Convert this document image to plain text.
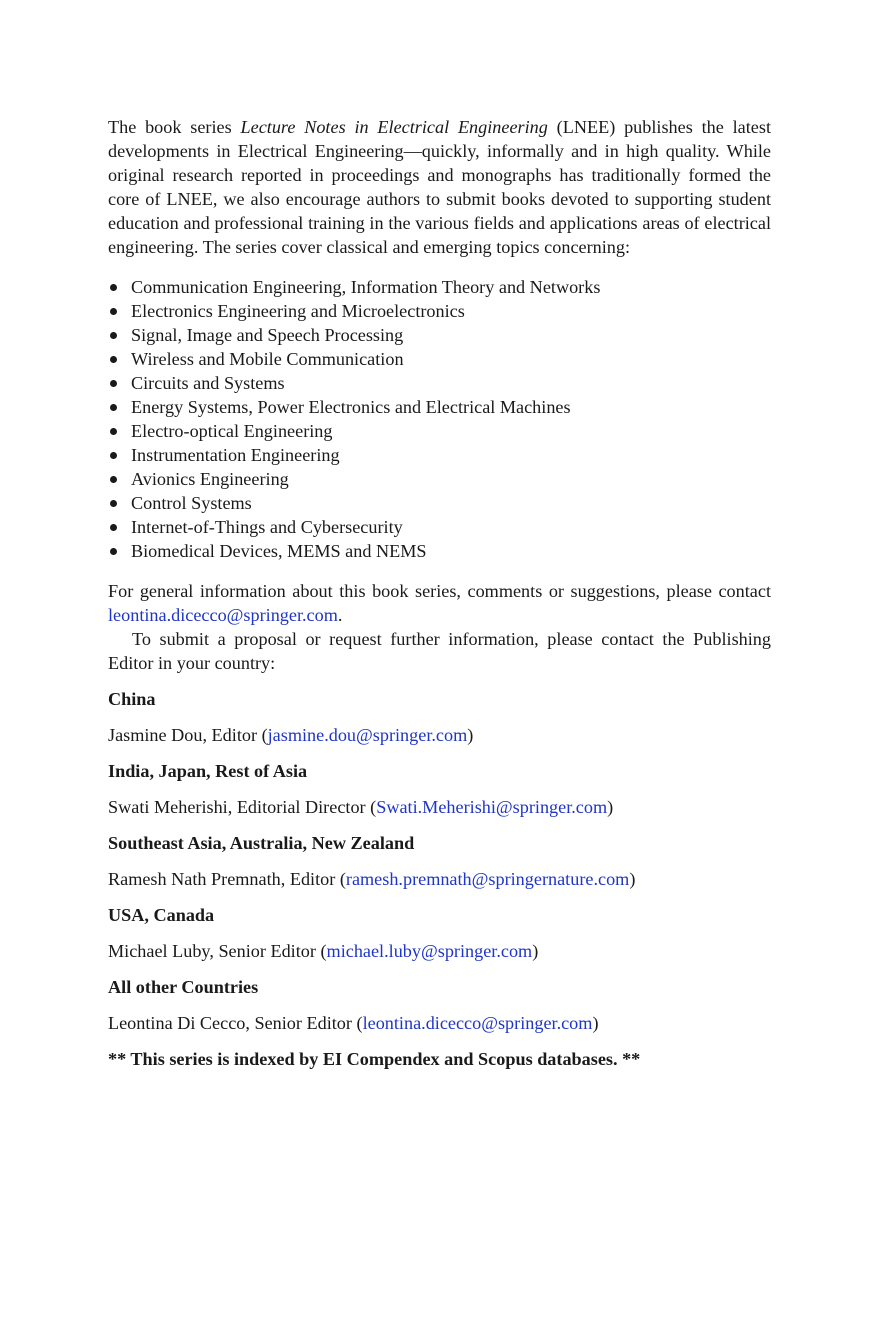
The book series Lecture Notes in Electrical Engineering (LNEE) publishes the latest developments in Electrical Engineering—quickly, informally and in high quality. While original research reported in proceedings and monographs has traditionally formed the core of LNEE, we also encourage authors to submit books devoted to supporting student education and professional training in the various fields and applications areas of electrical engineering. The series cover classical and emerging topics concerning:

Communication Engineering, Information Theory and Networks
Electronics Engineering and Microelectronics
Signal, Image and Speech Processing
Wireless and Mobile Communication
Circuits and Systems
Energy Systems, Power Electronics and Electrical Machines
Electro-optical Engineering
Instrumentation Engineering
Avionics Engineering
Control Systems
Internet-of-Things and Cybersecurity
Biomedical Devices, MEMS and NEMS

For general information about this book series, comments or suggestions, please contact leontina.dicecco@springer.com.

To submit a proposal or request further information, please contact the Publishing Editor in your country:

China

Jasmine Dou, Editor (jasmine.dou@springer.com)

India, Japan, Rest of Asia

Swati Meherishi, Editorial Director (Swati.Meherishi@springer.com)

Southeast Asia, Australia, New Zealand

Ramesh Nath Premnath, Editor (ramesh.premnath@springernature.com)

USA, Canada

Michael Luby, Senior Editor (michael.luby@springer.com)

All other Countries

Leontina Di Cecco, Senior Editor (leontina.dicecco@springer.com)

** This series is indexed by EI Compendex and Scopus databases. **
